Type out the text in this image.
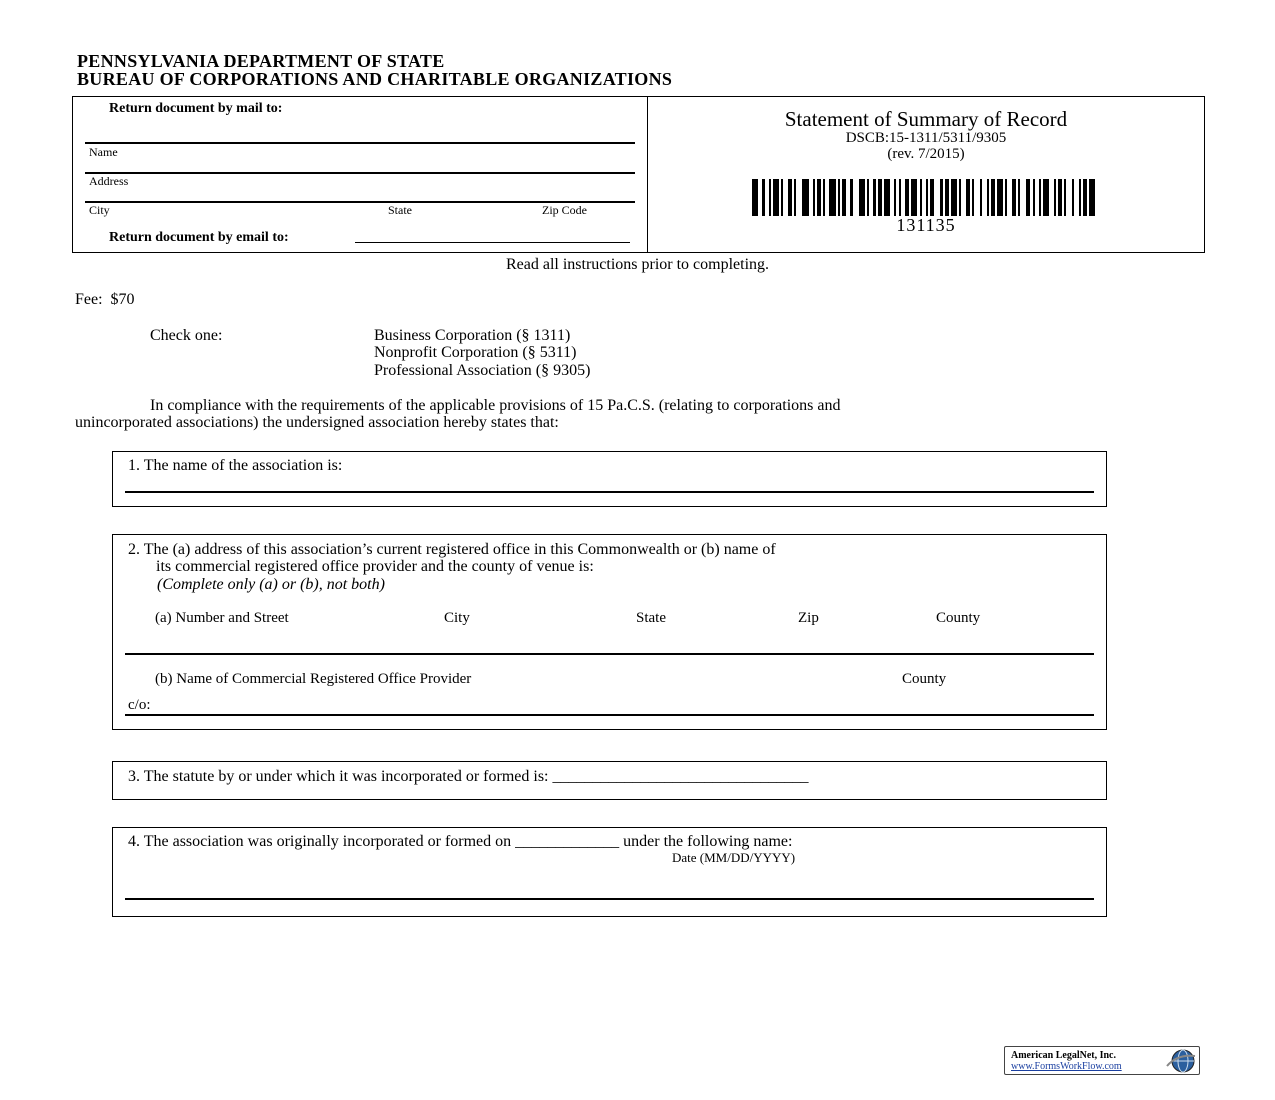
PENNSYLVANIA DEPARTMENT OF STATE
BUREAU OF CORPORATIONS AND CHARITABLE ORGANIZATIONS
Return document by mail to:
Name
Address
City	State	Zip Code
Return document by email to:
Statement of Summary of Record
DSCB:15-1311/5311/9305
(rev. 7/2015)
131135
Read all instructions prior to completing.
Fee:  $70
Check one:	Business Corporation (§ 1311)
Nonprofit Corporation (§ 5311)
Professional Association (§ 9305)
In compliance with the requirements of the applicable provisions of 15 Pa.C.S. (relating to corporations and
unincorporated associations) the undersigned association hereby states that:
1. The name of the association is:
2. The (a) address of this association’s current registered office in this Commonwealth or (b) name of
its commercial registered office provider and the county of venue is:
(Complete only (a) or (b), not both)
(a) Number and Street	City	State	Zip	County
(b) Name of Commercial Registered Office Provider	County
c/o:
3. The statute by or under which it was incorporated or formed is: ________________________________
4. The association was originally incorporated or formed on _____________ under the following name:
Date (MM/DD/YYYY)
American LegalNet, Inc.
www.FormsWorkFlow.com
